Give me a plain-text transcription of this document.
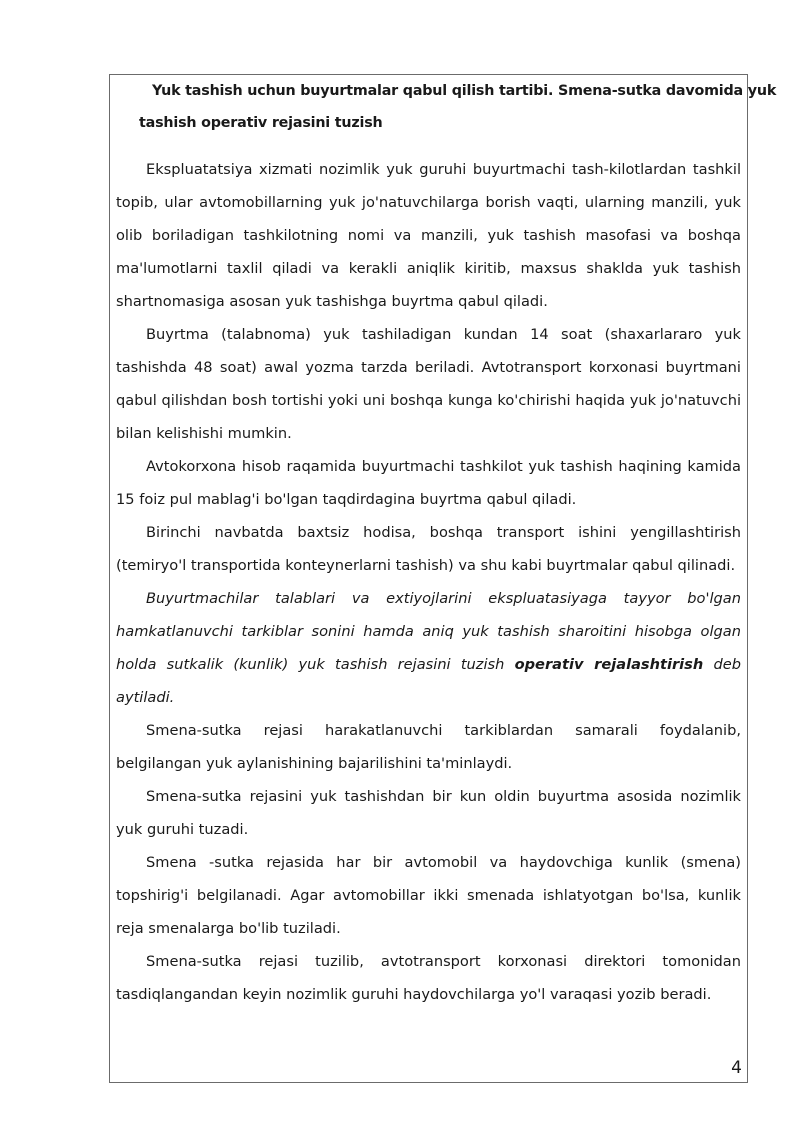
Yuk tashish uchun buyurtmalar qabul qilish tartibi. Smena-sutka davomida yuk
tashish operativ rejasini tuzish

Ekspluatatsiya xizmati nozimlik yuk guruhi buyurtmachi tash-kilotlardan tashkil topib, ular avtomobillarning yuk jo'natuvchilarga borish vaqti, ularning manzili, yuk olib boriladigan tashkilotning nomi va manzili, yuk tashish masofasi va boshqa ma'lumotlarni taxlil qiladi va kerakli aniqlik kiritib, maxsus shaklda yuk tashish shartnomasiga asosan yuk tashishga buyrtma qabul qiladi.

Buyrtma (talabnoma) yuk tashiladigan kundan 14 soat (shaxarlararo yuk tashishda 48 soat) awal yozma tarzda beriladi. Avtotransport korxonasi buyrtmani qabul qilishdan bosh tortishi yoki uni boshqa kunga ko'chirishi haqida yuk jo'natuvchi bilan kelishishi mumkin.

Avtokorxona hisob raqamida buyurtmachi tashkilot yuk tashish haqining kamida 15 foiz pul mablag'i bo'lgan taqdirdagina buyrtma qabul qiladi.

Birinchi navbatda baxtsiz hodisa, boshqa transport ishini yengillashtirish (temiryo'l transportida konteynerlarni tashish) va shu kabi buyrtmalar qabul qilinadi.

Buyurtmachilar talablari va extiyojlarini ekspluatasiyaga tayyor bo'lgan hamkatlanuvchi tarkiblar sonini hamda aniq yuk tashish sharoitini hisobga olgan holda sutkalik (kunlik) yuk tashish rejasini tuzish operativ rejalashtirish deb aytiladi.

Smena-sutka rejasi harakatlanuvchi tarkiblardan samarali foydalanib, belgilangan yuk aylanishining bajarilishini ta'minlaydi.

Smena-sutka rejasini yuk tashishdan bir kun oldin buyurtma asosida nozimlik yuk guruhi tuzadi.

Smena -sutka rejasida har bir avtomobil va haydovchiga kunlik (smena) topshirig'i belgilanadi. Agar avtomobillar ikki smenada ishlatyotgan bo'lsa, kunlik reja smenalarga bo'lib tuziladi.

Smena-sutka rejasi tuzilib, avtotransport korxonasi direktori tomonidan tasdiqlangandan keyin nozimlik guruhi haydovchilarga yo'l varaqasi yozib beradi.

4
